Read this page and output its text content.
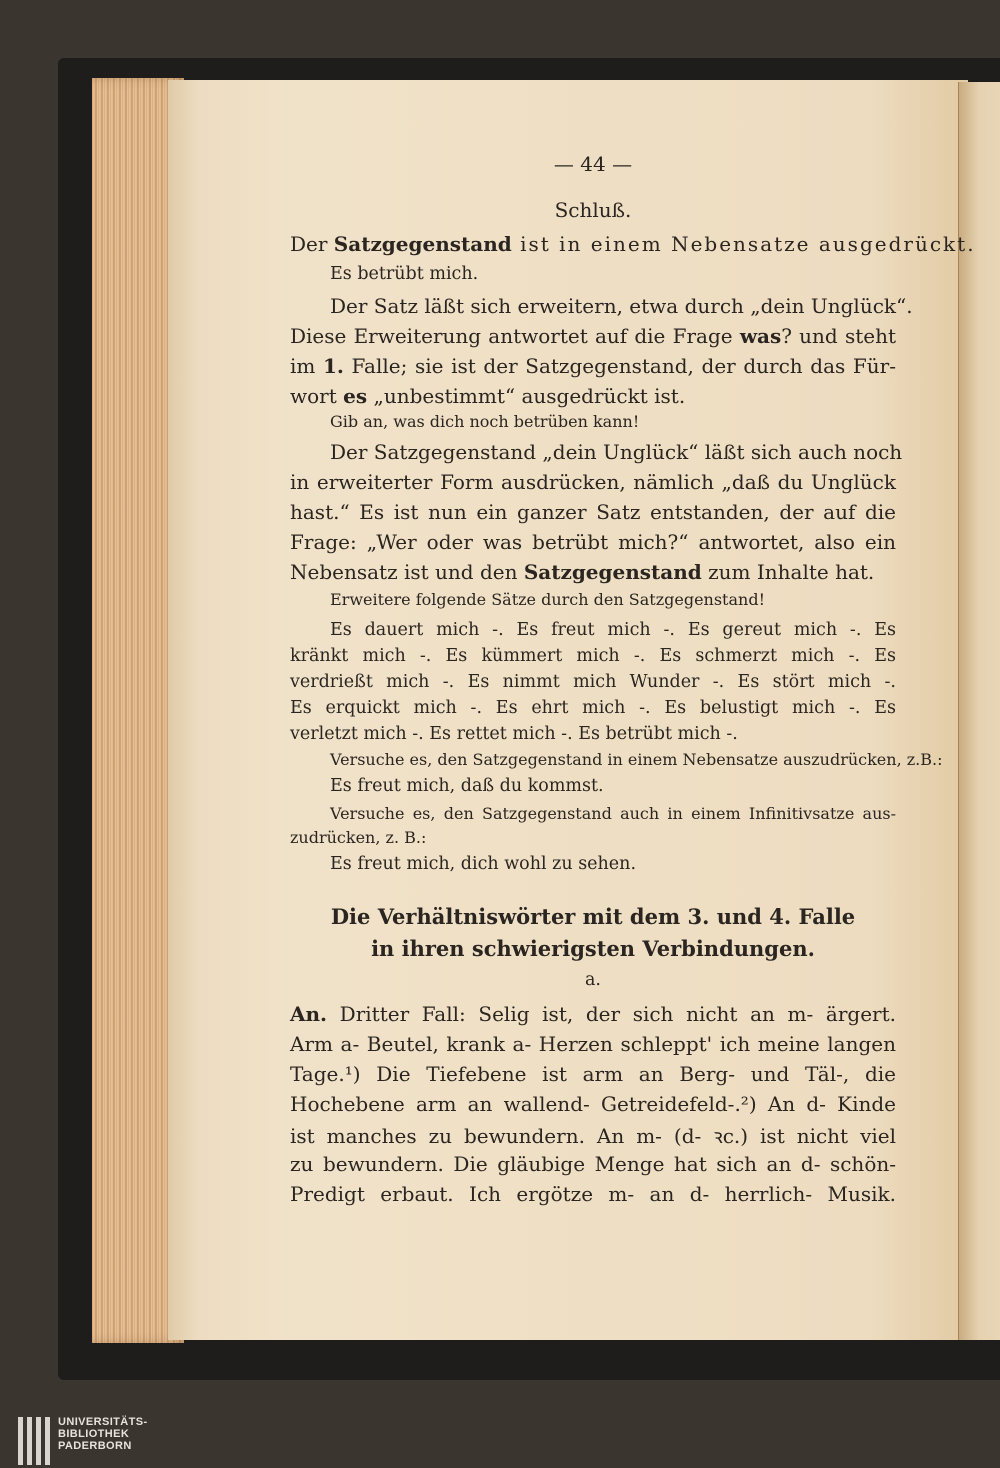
— 44 —
Schluß.
Der Satzgegenstand ist in einem Nebensatze ausgedrückt.
Es betrübt mich.
Der Satz läßt sich erweitern, etwa durch „dein Unglück“.
Diese Erweiterung antwortet auf die Frage was? und steht
im 1. Falle; sie ist der Satzgegenstand, der durch das Für-
wort es „unbestimmt“ ausgedrückt ist.
Gib an, was dich noch betrüben kann!
Der Satzgegenstand „dein Unglück“ läßt sich auch noch
in erweiterter Form ausdrücken, nämlich „daß du Unglück
hast.“ Es ist nun ein ganzer Satz entstanden, der auf die
Frage: „Wer oder was betrübt mich?“ antwortet, also ein
Nebensatz ist und den Satzgegenstand zum Inhalte hat.
Erweitere folgende Sätze durch den Satzgegenstand!
Es dauert mich -. Es freut mich -. Es gereut mich -. Es
kränkt mich -. Es kümmert mich -. Es schmerzt mich -. Es
verdrießt mich -. Es nimmt mich Wunder -. Es stört mich -.
Es erquickt mich -. Es ehrt mich -. Es belustigt mich -. Es
verletzt mich -. Es rettet mich -. Es betrübt mich -.
Versuche es, den Satzgegenstand in einem Nebensatze auszudrücken, z.B.:
Es freut mich, daß du kommst.
Versuche es, den Satzgegenstand auch in einem Infinitivsatze aus-
zudrücken, z. B.:
Es freut mich, dich wohl zu sehen.
Die Verhältniswörter mit dem 3. und 4. Falle
in ihren schwierigsten Verbindungen.
a.
An. Dritter Fall: Selig ist, der sich nicht an m- ärgert.
Arm a- Beutel, krank a- Herzen schleppt' ich meine langen
Tage.¹) Die Tiefebene ist arm an Berg- und Täl-, die
Hochebene arm an wallend- Getreidefeld-.²) An d- Kinde
ist manches zu bewundern. An m- (d- ꝛc.) ist nicht viel
zu bewundern. Die gläubige Menge hat sich an d- schön-
Predigt erbaut. Ich ergötze m- an d- herrlich- Musik.
UNIVERSITÄTS-
BIBLIOTHEK
PADERBORN
